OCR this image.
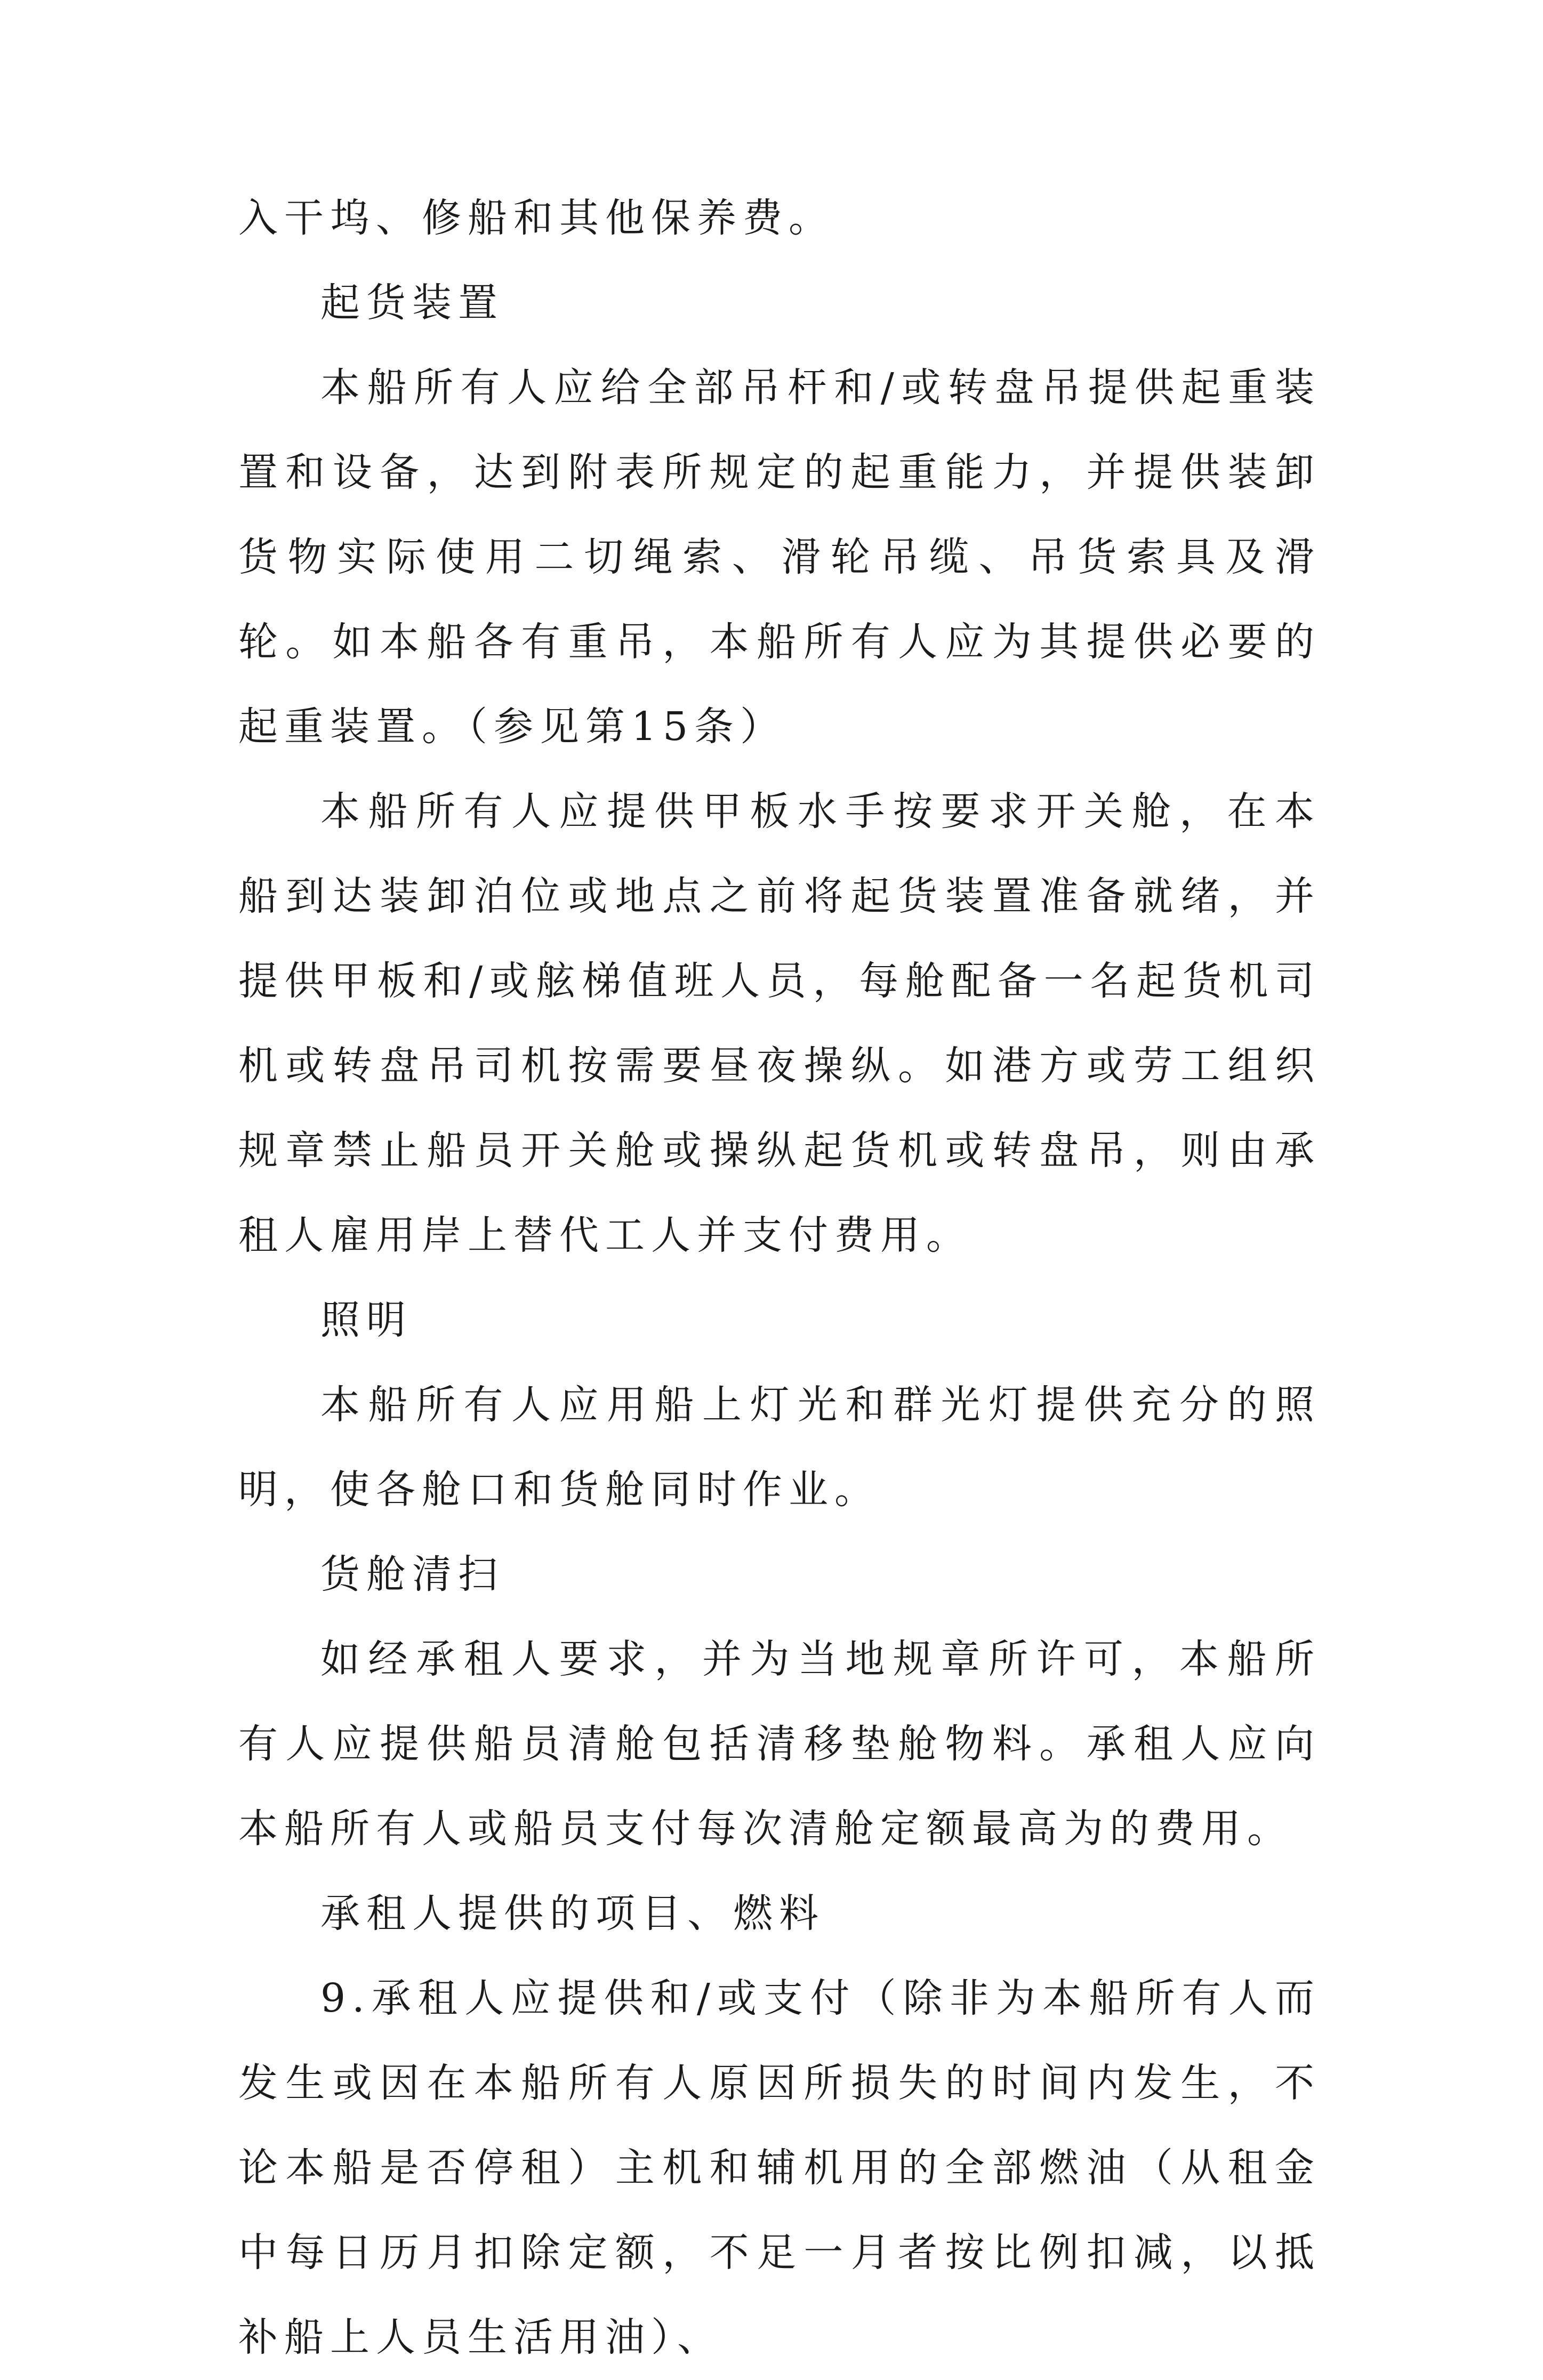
入干坞、修船和其他保养费。

起货装置

本船所有人应给全部吊杆和/或转盘吊提供起重装置和设备，达到附表所规定的起重能力，并提供装卸货物实际使用二切绳索、滑轮吊缆、吊货索具及滑轮。如本船各有重吊，本船所有人应为其提供必要的起重装置。（参见第15条）

本船所有人应提供甲板水手按要求开关舱，在本船到达装卸泊位或地点之前将起货装置准备就绪，并提供甲板和/或舷梯值班人员，每舱配备一名起货机司机或转盘吊司机按需要昼夜操纵。如港方或劳工组织规章禁止船员开关舱或操纵起货机或转盘吊，则由承租人雇用岸上替代工人并支付费用。

照明

本船所有人应用船上灯光和群光灯提供充分的照明，使各舱口和货舱同时作业。

货舱清扫

如经承租人要求，并为当地规章所许可，本船所有人应提供船员清舱包括清移垫舱物料。承租人应向本船所有人或船员支付每次清舱定额最高为的费用。

承租人提供的项目、燃料

9.承租人应提供和/或支付（除非为本船所有人而发生或因在本船所有人原因所损失的时间内发生，不论本船是否停租）主机和辅机用的全部燃油（从租金中每日历月扣除定额，不足一月者按比例扣减，以抵补船上人员生活用油）、
